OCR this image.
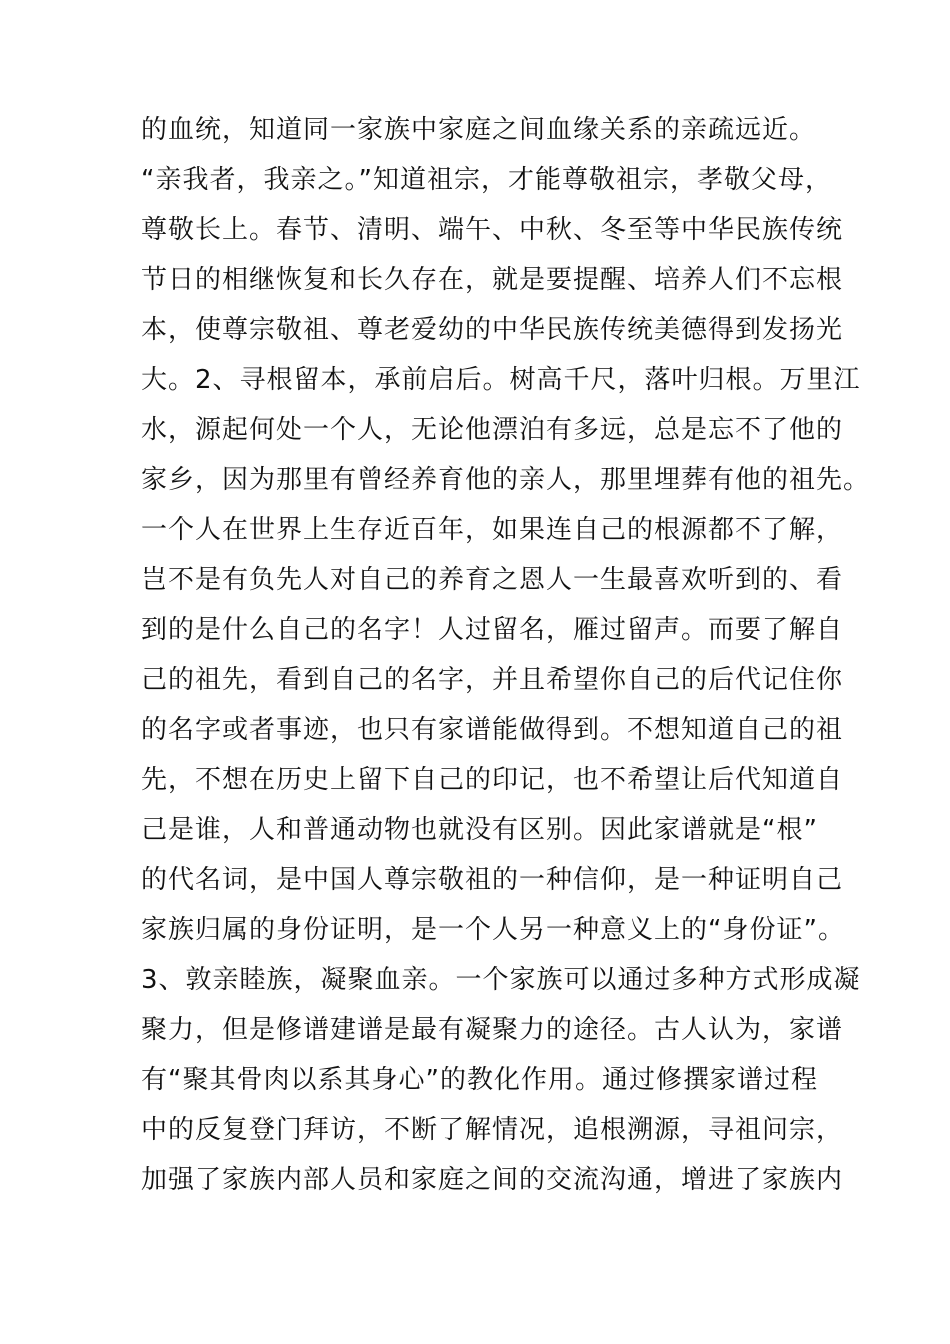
的血统，知道同一家族中家庭之间血缘关系的亲疏远近。
“亲我者，我亲之。”知道祖宗，才能尊敬祖宗，孝敬父母，
尊敬长上。春节、清明、端午、中秋、冬至等中华民族传统
节日的相继恢复和长久存在，就是要提醒、培养人们不忘根
本，使尊宗敬祖、尊老爱幼的中华民族传统美德得到发扬光
大。2、寻根留本，承前启后。树高千尺，落叶归根。万里江
水，源起何处一个人，无论他漂泊有多远，总是忘不了他的
家乡，因为那里有曾经养育他的亲人，那里埋葬有他的祖先。
一个人在世界上生存近百年，如果连自己的根源都不了解，
岂不是有负先人对自己的养育之恩人一生最喜欢听到的、看
到的是什么自己的名字！人过留名，雁过留声。而要了解自
己的祖先，看到自己的名字，并且希望你自己的后代记住你
的名字或者事迹，也只有家谱能做得到。不想知道自己的祖
先，不想在历史上留下自己的印记，也不希望让后代知道自
己是谁，人和普通动物也就没有区别。因此家谱就是“根”
的代名词，是中国人尊宗敬祖的一种信仰，是一种证明自己
家族归属的身份证明，是一个人另一种意义上的“身份证”。
3、敦亲睦族，凝聚血亲。一个家族可以通过多种方式形成凝
聚力，但是修谱建谱是最有凝聚力的途径。古人认为，家谱
有“聚其骨肉以系其身心”的教化作用。通过修撰家谱过程
中的反复登门拜访，不断了解情况，追根溯源，寻祖问宗，
加强了家族内部人员和家庭之间的交流沟通，增进了家族内
